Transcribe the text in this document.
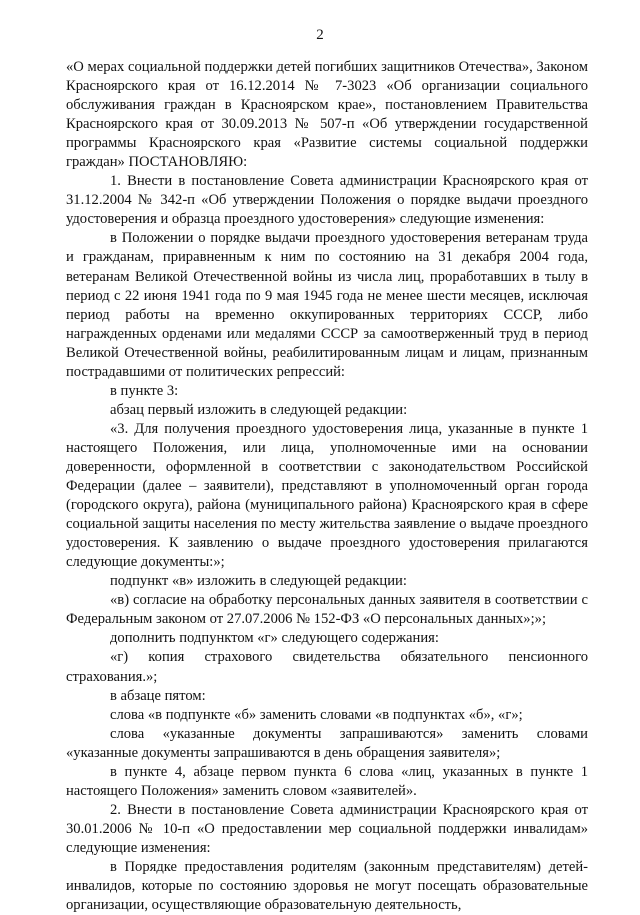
2

«О мерах социальной поддержки детей погибших защитников Отечества», Законом Красноярского края от 16.12.2014 № 7-3023 «Об организации социального обслуживания граждан в Красноярском крае», постановлением Правительства Красноярского края от 30.09.2013 № 507-п «Об утверждении государственной программы Красноярского края «Развитие системы социальной поддержки граждан» ПОСТАНОВЛЯЮ:

1. Внести в постановление Совета администрации Красноярского края от 31.12.2004 № 342-п «Об утверждении Положения о порядке выдачи проездного удостоверения и образца проездного удостоверения» следующие изменения:

в Положении о порядке выдачи проездного удостоверения ветеранам труда и гражданам, приравненным к ним по состоянию на 31 декабря 2004 года, ветеранам Великой Отечественной войны из числа лиц, проработавших в тылу в период с 22 июня 1941 года по 9 мая 1945 года не менее шести месяцев, исключая период работы на временно оккупированных территориях СССР, либо награжденных орденами или медалями СССР за самоотверженный труд в период Великой Отечественной войны, реабилитированным лицам и лицам, признанным пострадавшими от политических репрессий:

в пункте 3:

абзац первый изложить в следующей редакции:

«3. Для получения проездного удостоверения лица, указанные в пункте 1 настоящего Положения, или лица, уполномоченные ими на основании доверенности, оформленной в соответствии с законодательством Российской Федерации (далее – заявители), представляют в уполномоченный орган города (городского округа), района (муниципального района) Красноярского края в сфере социальной защиты населения по месту жительства заявление о выдаче проездного удостоверения. К заявлению о выдаче проездного удостоверения прилагаются следующие документы:»;

подпункт «в» изложить в следующей редакции:

«в) согласие на обработку персональных данных заявителя в соответствии с Федеральным законом от 27.07.2006 № 152-ФЗ «О персональных данных»;»;

дополнить подпунктом «г» следующего содержания:

«г) копия страхового свидетельства обязательного пенсионного страхования.»;

в абзаце пятом:

слова «в подпункте «б» заменить словами «в подпунктах «б», «г»;

слова «указанные документы запрашиваются» заменить словами «указанные документы запрашиваются в день обращения заявителя»;

в пункте 4, абзаце первом пункта 6 слова «лиц, указанных в пункте 1 настоящего Положения» заменить словом «заявителей».

2. Внести в постановление Совета администрации Красноярского края от 30.01.2006 № 10-п «О предоставлении мер социальной поддержки инвалидам» следующие изменения:

в Порядке предоставления родителям (законным представителям) детей-инвалидов, которые по состоянию здоровья не могут посещать образовательные организации, осуществляющие образовательную деятельность,
